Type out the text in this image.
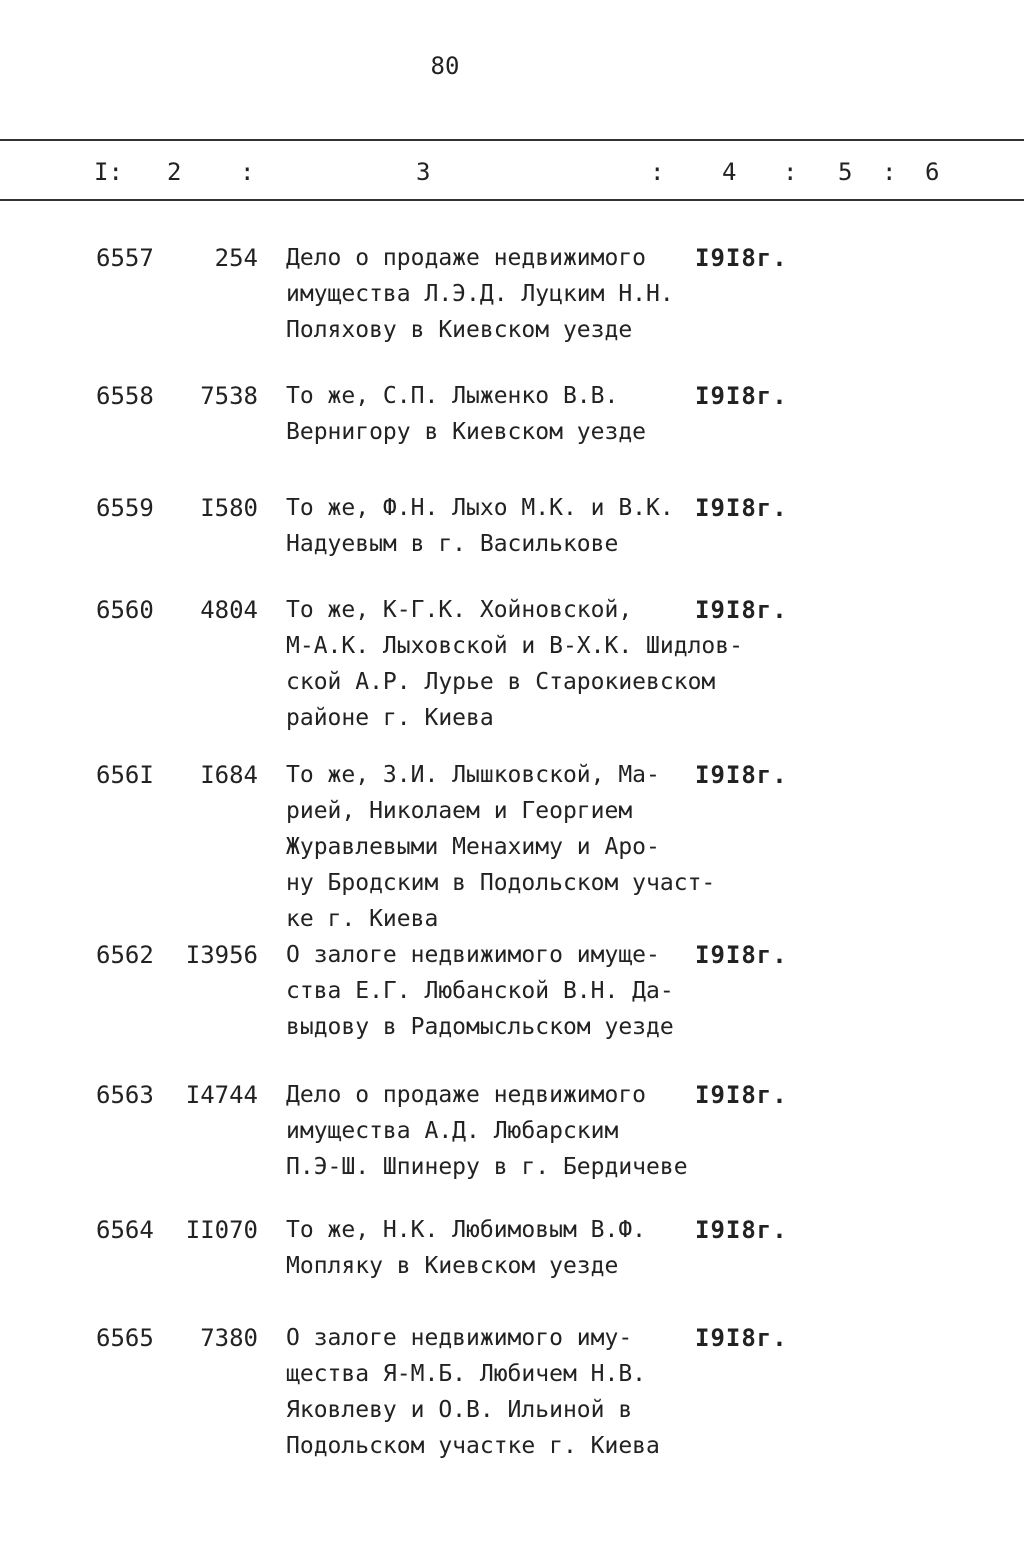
80
I: 2 :	3	: 4 : 5 : 6
6557	254 Дело о продаже недвижимого
имущества Л.Э.Д. Луцким Н.Н.
Поляхову в Киевском уезде
I9I8г.
6558	7538 То же, С.П. Лыженко В.В.
Вернигору в Киевском уезде
I9I8г.
6559	I580 То же, Ф.Н. Лыхо М.К. и В.К.
Надуевым в г. Василькове
I9I8г.
6560	4804 То же, К-Г.К. Хойновской,
М-А.К. Лыховской и В-Х.К. Шидлов-
ской А.Р. Лурье в Старокиевском
районе г. Киева
I9I8г.
656I	I684 То же, З.И. Лышковской, Ма-
рией, Николаем и Георгием
Журавлевыми Менахиму и Аро-
ну Бродским в Подольском участ-
ке г. Киева
I9I8г.
6562	I3956 О залоге недвижимого имуще-
ства Е.Г. Любанской В.Н. Да-
выдову в Радомысльском уезде
I9I8г.
6563	I4744 Дело о продаже недвижимого
имущества А.Д. Любарским
П.Э-Ш. Шпинеру в г. Бердичеве
I9I8г.
6564	II070 То же, Н.К. Любимовым В.Ф.
Мопляку в Киевском уезде
I9I8г.
6565	7380 О залоге недвижимого иму-
щества Я-М.Б. Любичем Н.В.
Яковлеву и О.В. Ильиной в
Подольском участке г. Киева
I9I8г.
